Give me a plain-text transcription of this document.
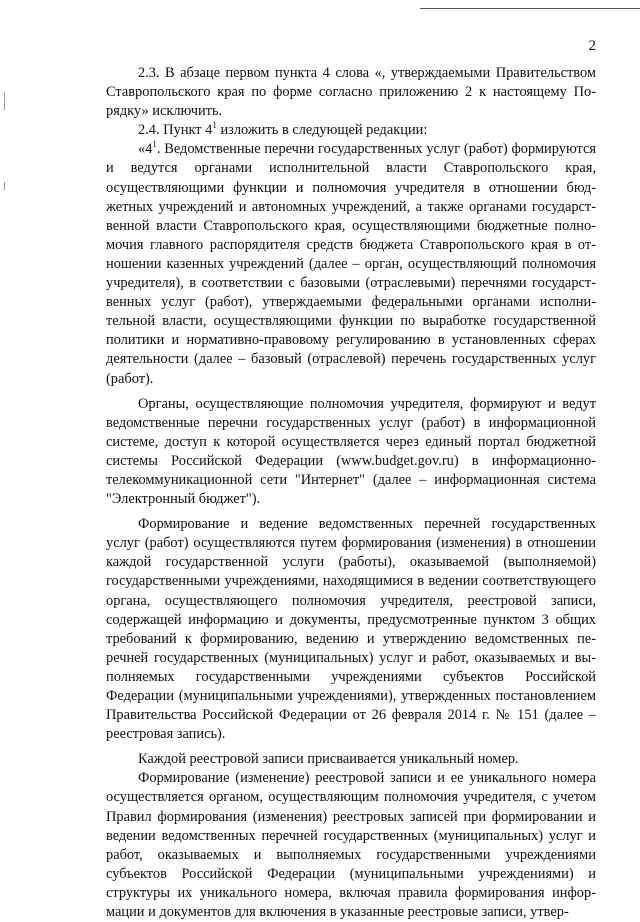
2

2.3. В абзаце первом пункта 4 слова «, утверждаемыми Правительством Ставропольского края по форме согласно приложению 2 к настоящему Порядку» исключить.

2.4. Пункт $4^1$ изложить в следующей редакции:

«$4^1$. Ведомственные перечни государственных услуг (работ) формируются и ведутся органами исполнительной власти Ставропольского края, осуществляющими функции и полномочия учредителя в отношении бюджетных учреждений и автономных учреждений, а также органами государственной власти Ставропольского края, осуществляющими бюджетные полномочия главного распорядителя средств бюджета Ставропольского края в отношении казенных учреждений (далее – орган, осуществляющий полномочия учредителя), в соответствии с базовыми (отраслевыми) перечнями государственных услуг (работ), утверждаемыми федеральными органами исполнительной власти, осуществляющими функции по выработке государственной политики и нормативно-правовому регулированию в установленных сферах деятельности (далее – базовый (отраслевой) перечень государственных услуг (работ).

Органы, осуществляющие полномочия учредителя, формируют и ведут ведомственные перечни государственных услуг (работ) в информационной системе, доступ к которой осуществляется через единый портал бюджетной системы Российской Федерации (www.budget.gov.ru) в информационно-телекоммуникационной сети "Интернет" (далее – информационная система "Электронный бюджет").

Формирование и ведение ведомственных перечней государственных услуг (работ) осуществляются путем формирования (изменения) в отношении каждой государственной услуги (работы), оказываемой (выполняемой) государственными учреждениями, находящимися в ведении соответствующего органа, осуществляющего полномочия учредителя, реестровой записи, содержащей информацию и документы, предусмотренные пунктом 3 общих требований к формированию, ведению и утверждению ведомственных перечней государственных (муниципальных) услуг и работ, оказываемых и выполняемых государственными учреждениями субъектов Российской Федерации (муниципальными учреждениями), утвержденных постановлением Правительства Российской Федерации от 26 февраля 2014 г. № 151 (далее – реестровая запись).

Каждой реестровой записи присваивается уникальный номер.

Формирование (изменение) реестровой записи и ее уникального номера осуществляется органом, осуществляющим полномочия учредителя, с учетом Правил формирования (изменения) реестровых записей при формировании и ведении ведомственных перечней государственных (муниципальных) услуг и работ, оказываемых и выполняемых государственными учреждениями субъектов Российской Федерации (муниципальными учреждениями) и структуры их уникального номера, включая правила формирования информации и документов для включения в указанные реестровые записи, утвер-
